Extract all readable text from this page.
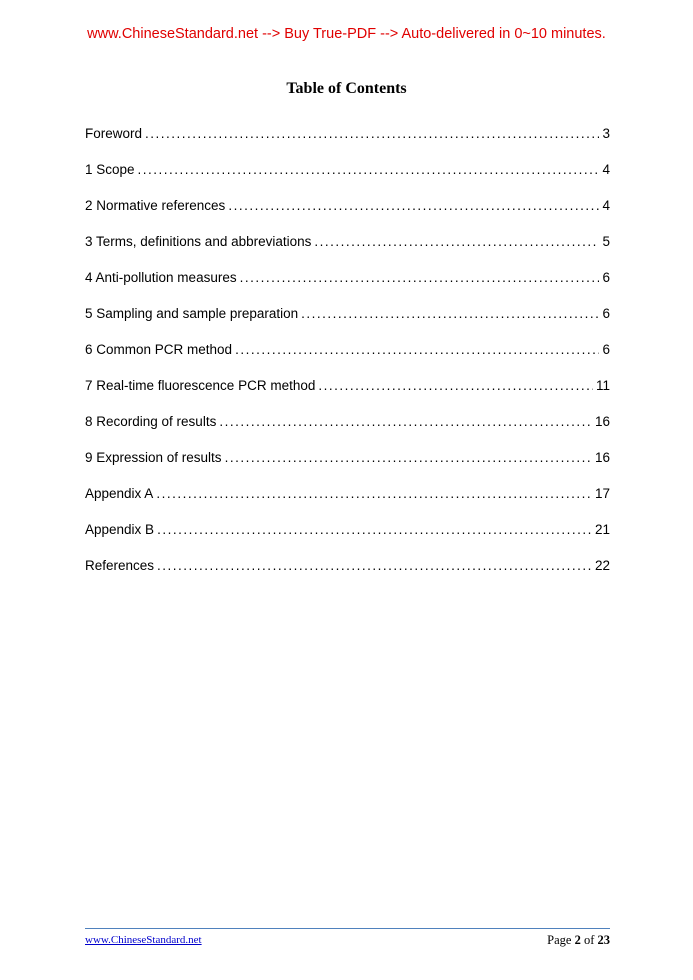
www.ChineseStandard.net --> Buy True-PDF --> Auto-delivered in 0~10 minutes.
Table of Contents
Foreword .....	3
1 Scope .....	4
2 Normative references .....	4
3 Terms, definitions and abbreviations .....	5
4 Anti-pollution measures .....	6
5 Sampling and sample preparation .....	6
6 Common PCR method .....	6
7 Real-time fluorescence PCR method .....	11
8 Recording of results .....	16
9 Expression of results .....	16
Appendix A .....	17
Appendix B .....	21
References .....	22
www.ChineseStandard.net	Page 2 of 23
